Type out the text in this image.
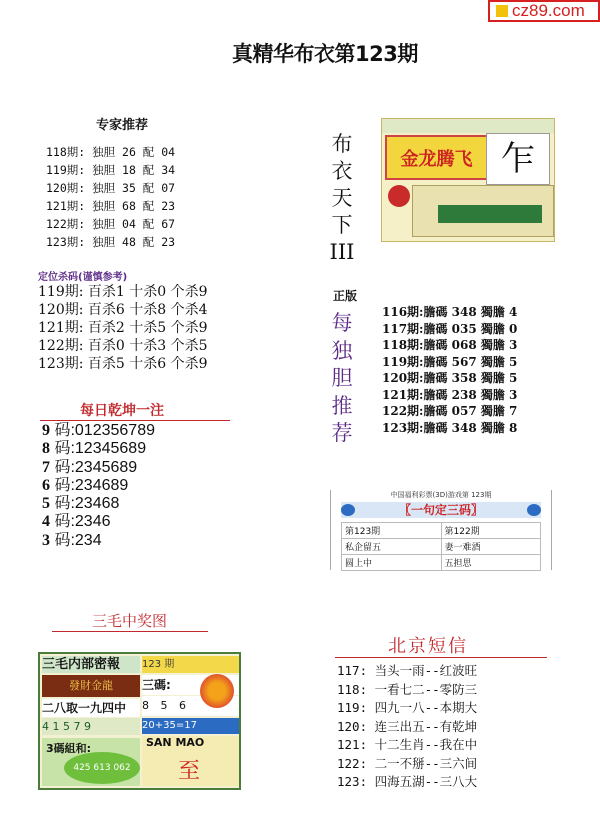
cz89.com
真精华布衣第123期
专家推荐
118期: 独胆 26 配 04
119期: 独胆 18 配 34
120期: 独胆 35 配 07
121期: 独胆 68 配 23
122期: 独胆 04 配 67
123期: 独胆 48 配 23
定位杀码(谨慎参考)
119期: 百杀1 十杀0 个杀9
120期: 百杀6 十杀8 个杀4
121期: 百杀2 十杀5 个杀9
122期: 百杀0 十杀3 个杀5
123期: 百杀5 十杀6 个杀9
每日乾坤一注
9 码:012356789
8 码:12345689
7 码:2345689
6 码:234689
5 码:23468
4 码:2346
3 码:234
布
衣
天
下
III
金龙腾飞 乍
正版
每
独
胆
推
荐
116期:膽碼 348 獨膽 4
117期:膽碼 035 獨膽 0
118期:膽碼 068 獨膽 3
119期:膽碼 567 獨膽 5
120期:膽碼 358 獨膽 5
121期:膽碼 238 獨膽 3
122期:膽碼 057 獨膽 7
123期:膽碼 348 獨膽 8
中国福利彩票(3D)游戏第 123期
〖一句定三码〗
第123期	第122期
私企留五	妻一难酒
圆上中	五担思
三毛中奖图
三毛内部密報	123 期
發財金龍
二八取一九四中
4 1 5 7 9
3碼組和:
425 613 062
三碼:
8 5 6
20+35=17
SAN MAO
至
北京短信
117: 当头一雨--红波旺
118: 一看七二--零防三
119: 四九一八--本期大
120: 连三出五--有乾坤
121: 十二生肖--我在中
122: 二一不掰--三六间
123: 四海五湖--三八大
